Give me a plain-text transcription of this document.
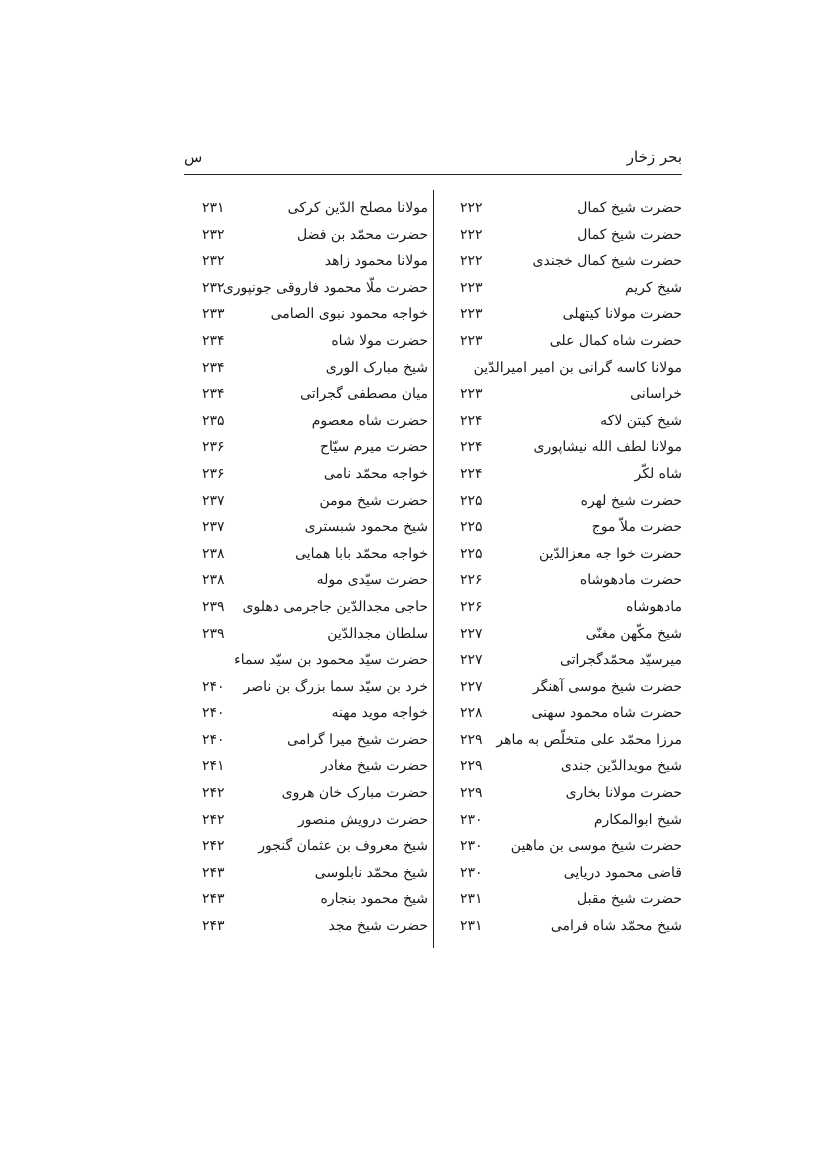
بحر زخار
س
حضرت شیخ کمال
۲۲۲
حضرت شیخ کمال
۲۲۲
حضرت شیخ کمال خجندی
۲۲۲
شیخ کریم
۲۲۳
حضرت مولانا کیتهلی
۲۲۳
حضرت شاه کمال علی
۲۲۳
مولانا کاسه گرانی بن امیر امیرالدّین
خراسانی
۲۲۳
شیخ کیتن لاکه
۲۲۴
مولانا لطف الله نیشاپوری
۲۲۴
شاه لکّر
۲۲۴
حضرت شیخ لهره
۲۲۵
حضرت ملاّ موج
۲۲۵
حضرت خوا جه معزالدّین
۲۲۵
حضرت مادهوشاه
۲۲۶
مادهوشاه
۲۲۶
شیخ مکّهن مغنّی
۲۲۷
میرسیّد محمّدگجراتی
۲۲۷
حضرت شیخ موسی آهنگر
۲۲۷
حضرت شاه محمود سهنی
۲۲۸
مرزا محمّد علی متخلّص به ماهر
۲۲۹
شیخ مویدالدّین جندی
۲۲۹
حضرت مولانا بخاری
۲۲۹
شیخ ابوالمکارم
۲۳۰
حضرت شیخ موسی بن ماهین
۲۳۰
قاضی محمود دریایی
۲۳۰
حضرت شیخ مقبل
۲۳۱
شیخ محمّد شاه فرامی
۲۳۱
مولانا مصلح الدّین کرکی
۲۳۱
حضرت محمّد بن فضل
۲۳۲
مولانا محمود زاهد
۲۳۲
حضرت ملّا محمود فاروقی جونپوری
۲۳۲
خواجه محمود نبوی الصامی
۲۳۳
حضرت مولا شاه
۲۳۴
شیخ مبارک الوری
۲۳۴
میان مصطفی گجراتی
۲۳۴
حضرت شاه معصوم
۲۳۵
حضرت میرم سیّاح
۲۳۶
خواجه محمّد نامی
۲۳۶
حضرت شیخ مومن
۲۳۷
شیخ محمود شبستری
۲۳۷
خواجه محمّد بابا همایی
۲۳۸
حضرت سیّدی موله
۲۳۸
حاجی مجدالدّین جاجرمی دهلوی
۲۳۹
سلطان مجدالدّین
۲۳۹
حضرت سیّد محمود بن سیّد سماء
خرد بن سیّد سما بزرگ بن ناصر
۲۴۰
خواجه موید مهنه
۲۴۰
حضرت شیخ میرا گرامی
۲۴۰
حضرت شیخ مغادر
۲۴۱
حضرت مبارک خان هروی
۲۴۲
حضرت درویش منصور
۲۴۲
شیخ معروف بن عثمان گنجور
۲۴۲
شیخ محمّد نابلوسی
۲۴۳
شیخ محمود بنجاره
۲۴۳
حضرت شیخ مجد
۲۴۳
